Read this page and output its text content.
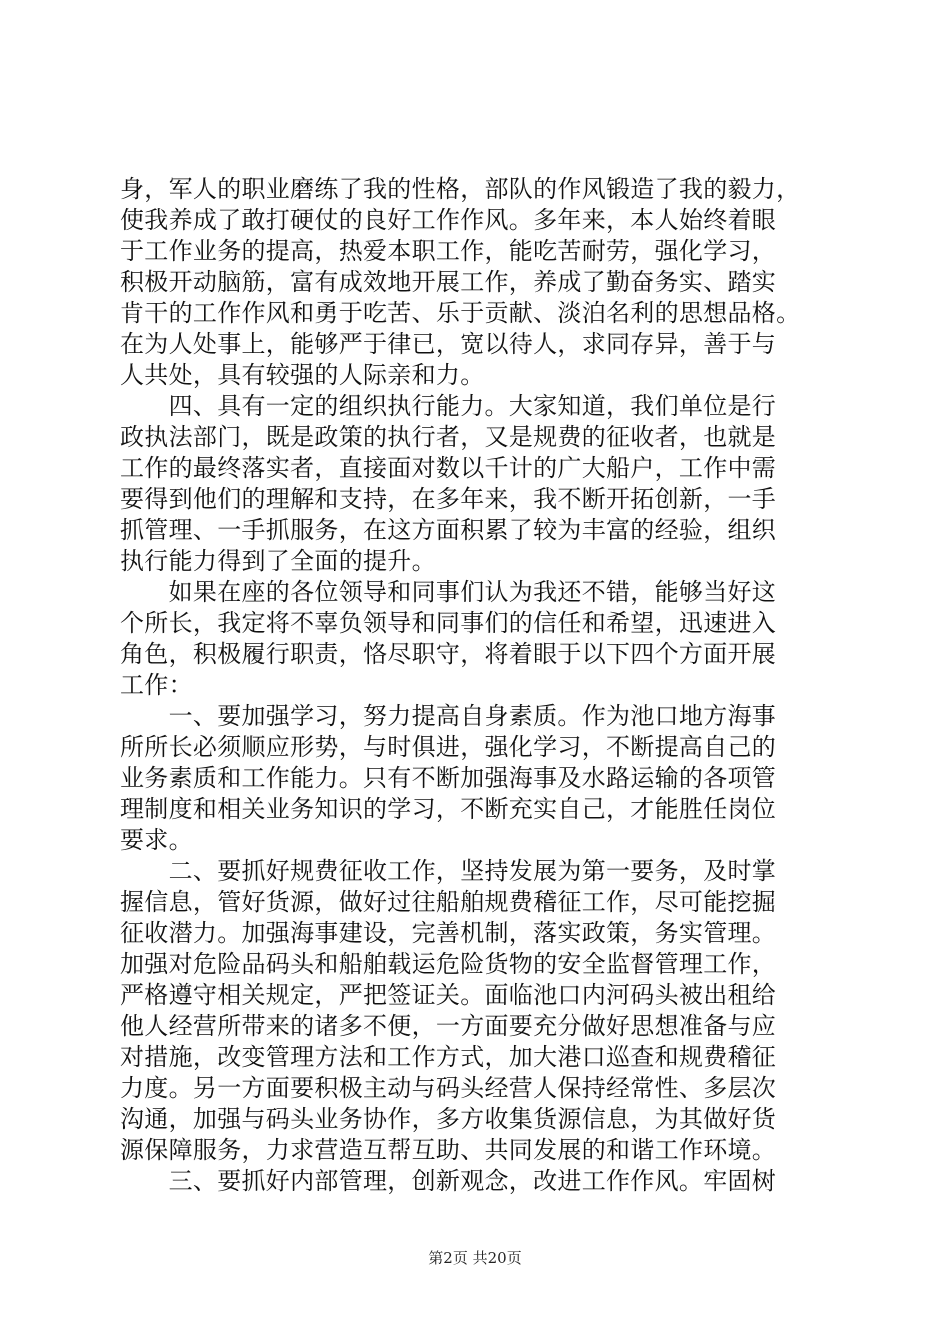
身，军人的职业磨练了我的性格，部队的作风锻造了我的毅力，
使我养成了敢打硬仗的良好工作作风。多年来，本人始终着眼
于工作业务的提高，热爱本职工作，能吃苦耐劳，强化学习，
积极开动脑筋，富有成效地开展工作，养成了勤奋务实、踏实
肯干的工作作风和勇于吃苦、乐于贡献、淡泊名利的思想品格。
在为人处事上，能够严于律已，宽以待人，求同存异，善于与
人共处，具有较强的人际亲和力。
　　四、具有一定的组织执行能力。大家知道，我们单位是行
政执法部门，既是政策的执行者，又是规费的征收者，也就是
工作的最终落实者，直接面对数以千计的广大船户，工作中需
要得到他们的理解和支持，在多年来，我不断开拓创新，一手
抓管理、一手抓服务，在这方面积累了较为丰富的经验，组织
执行能力得到了全面的提升。
　　如果在座的各位领导和同事们认为我还不错，能够当好这
个所长，我定将不辜负领导和同事们的信任和希望，迅速进入
角色，积极履行职责，恪尽职守，将着眼于以下四个方面开展
工作：
　　一、要加强学习，努力提高自身素质。作为池口地方海事
所所长必须顺应形势，与时俱进，强化学习，不断提高自己的
业务素质和工作能力。只有不断加强海事及水路运输的各项管
理制度和相关业务知识的学习，不断充实自己，才能胜任岗位
要求。
　　二、要抓好规费征收工作，坚持发展为第一要务，及时掌
握信息，管好货源，做好过往船舶规费稽征工作，尽可能挖掘
征收潜力。加强海事建设，完善机制，落实政策，务实管理。
加强对危险品码头和船舶载运危险货物的安全监督管理工作，
严格遵守相关规定，严把签证关。面临池口内河码头被出租给
他人经营所带来的诸多不便，一方面要充分做好思想准备与应
对措施，改变管理方法和工作方式，加大港口巡查和规费稽征
力度。另一方面要积极主动与码头经营人保持经常性、多层次
沟通，加强与码头业务协作，多方收集货源信息，为其做好货
源保障服务，力求营造互帮互助、共同发展的和谐工作环境。
　　三、要抓好内部管理，创新观念，改进工作作风。牢固树
第2页 共20页
